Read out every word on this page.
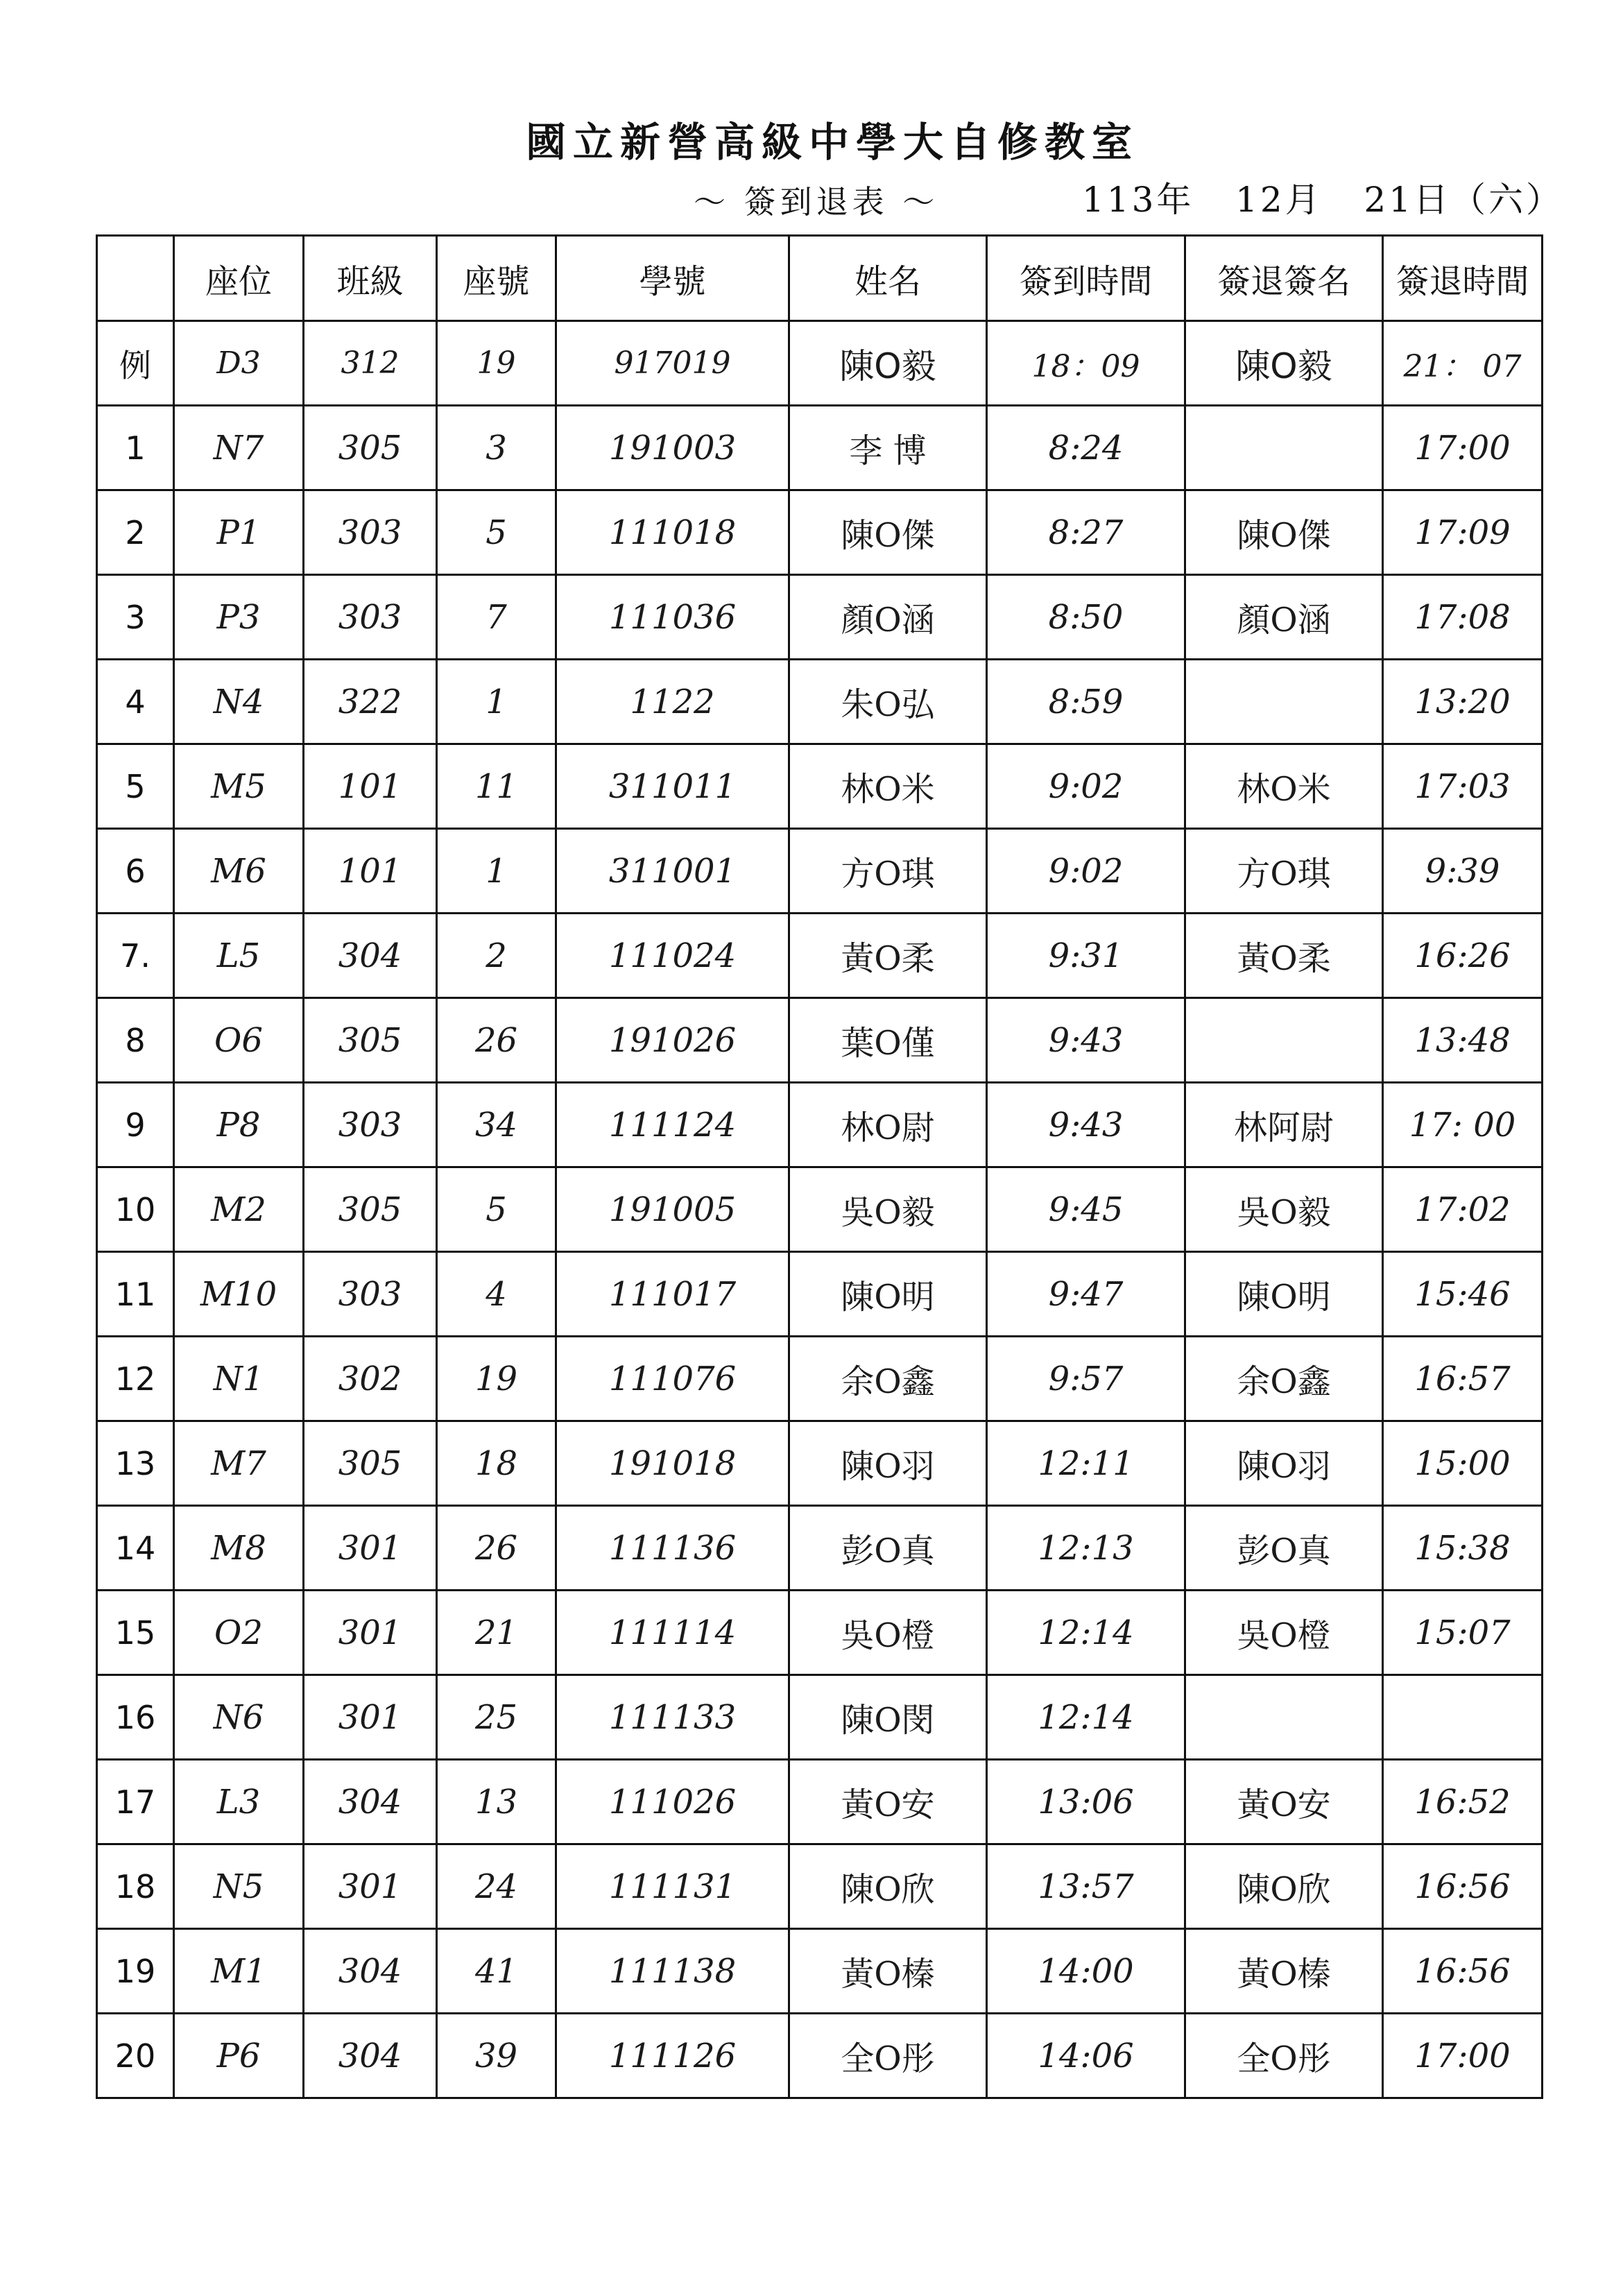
國立新營高級中學大自修教室
～ 簽到退表 ～	113年   12月   21日（六）
	座位	班級	座號	學號	姓名	簽到時間	簽退簽名	簽退時間
例	D3	312	19	917019	陳O毅	18：09	陳O毅	21： 07
1	N7	305	3	191003	李 博	8:24		17:00
2	P1	303	5	111018	陳O傑	8:27	陳O傑	17:09
3	P3	303	7	111036	顏O涵	8:50	顏O涵	17:08
4	N4	322	1	1122	朱O弘	8:59		13:20
5	M5	101	11	311011	林O米	9:02	林O米	17:03
6	M6	101	1	311001	方O琪	9:02	方O琪	9:39
7.	L5	304	2	111024	黃O柔	9:31	黃O柔	16:26
8	O6	305	26	191026	葉O僅	9:43		13:48
9	P8	303	34	111124	林O尉	9:43	林阿尉	17: 00
10	M2	305	5	191005	吳O毅	9:45	吳O毅	17:02
11	M10	303	4	111017	陳O明	9:47	陳O明	15:46
12	N1	302	19	111076	余O鑫	9:57	余O鑫	16:57
13	M7	305	18	191018	陳O羽	12:11	陳O羽	15:00
14	M8	301	26	111136	彭O真	12:13	彭O真	15:38
15	O2	301	21	111114	吳O橙	12:14	吳O橙	15:07
16	N6	301	25	111133	陳O閔	12:14		
17	L3	304	13	111026	黃O安	13:06	黃O安	16:52
18	N5	301	24	111131	陳O欣	13:57	陳O欣	16:56
19	M1	304	41	111138	黃O榛	14:00	黃O榛	16:56
20	P6	304	39	111126	全O彤	14:06	全O彤	17:00
